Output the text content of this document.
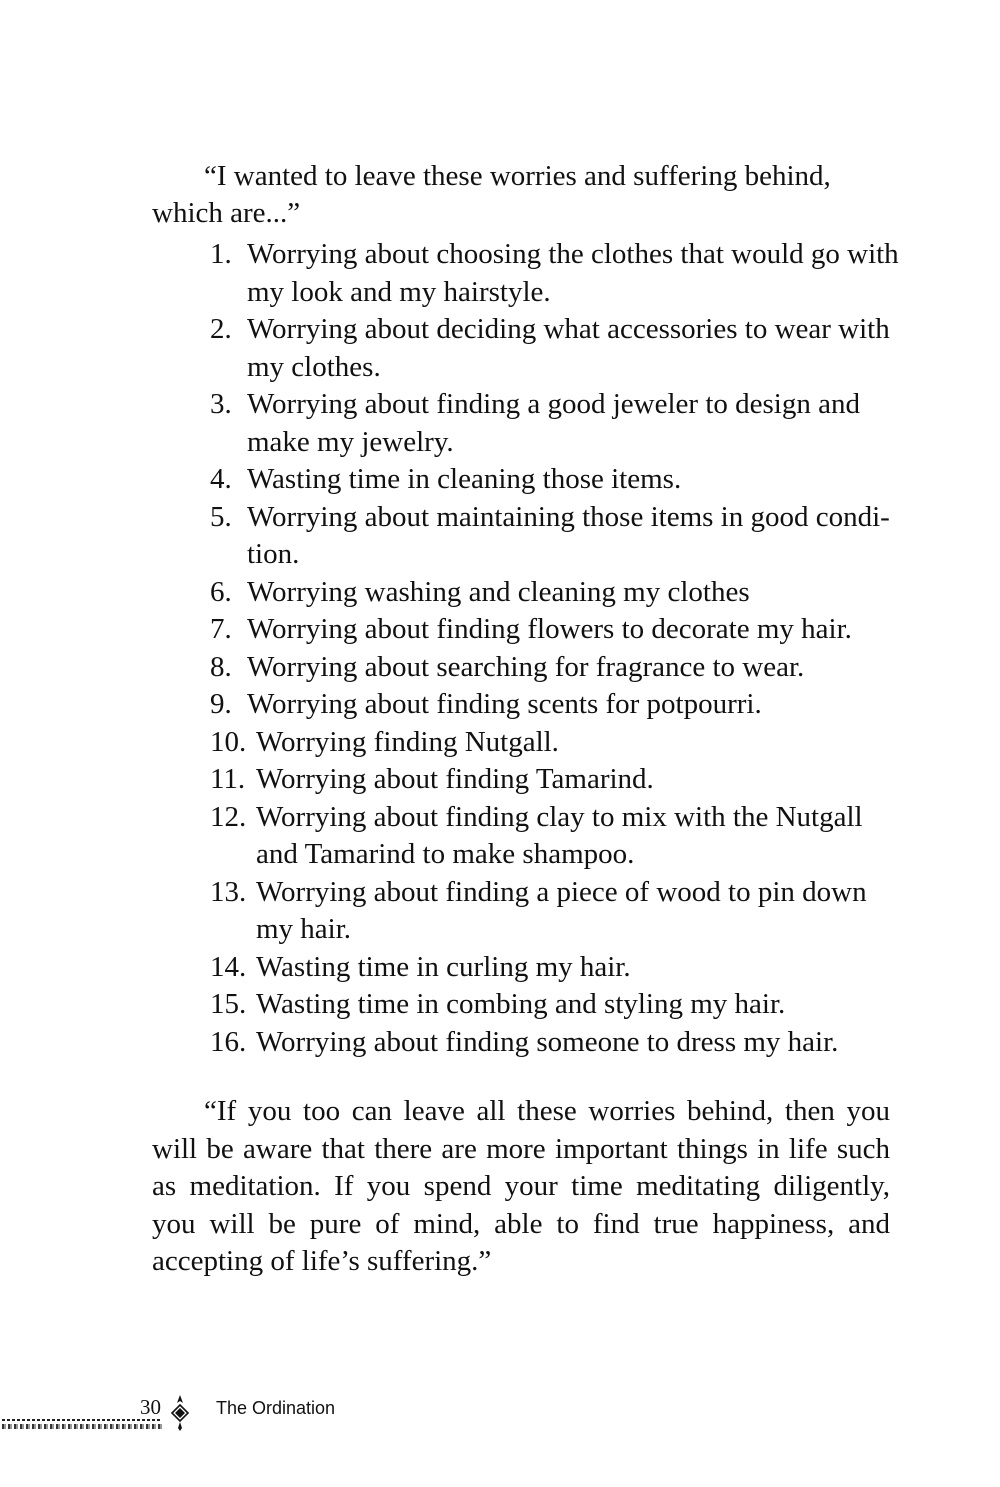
“I wanted to leave these worries and suffering behind, which are...”

1. Worrying about choosing the clothes that would go with my look and my hairstyle.
2. Worrying about deciding what accessories to wear with my clothes.
3. Worrying about finding a good jeweler to design and make my jewelry.
4. Wasting time in cleaning those items.
5. Worrying about maintaining those items in good condi-tion.
6. Worrying washing and cleaning my clothes
7. Worrying about finding flowers to decorate my hair.
8. Worrying about searching for fragrance to wear.
9. Worrying about finding scents for potpourri.
10. Worrying finding Nutgall.
11. Worrying about finding Tamarind.
12. Worrying about finding clay to mix with the Nutgall and Tamarind to make shampoo.
13. Worrying about finding a piece of wood to pin down my hair.
14. Wasting time in curling my hair.
15. Wasting time in combing and styling my hair.
16. Worrying about finding someone to dress my hair.

“If you too can leave all these worries behind, then you will be aware that there are more important things in life such as meditation. If you spend your time meditating diligently, you will be pure of mind, able to find true happiness, and accepting of life’s suffering.”

30	The Ordination
